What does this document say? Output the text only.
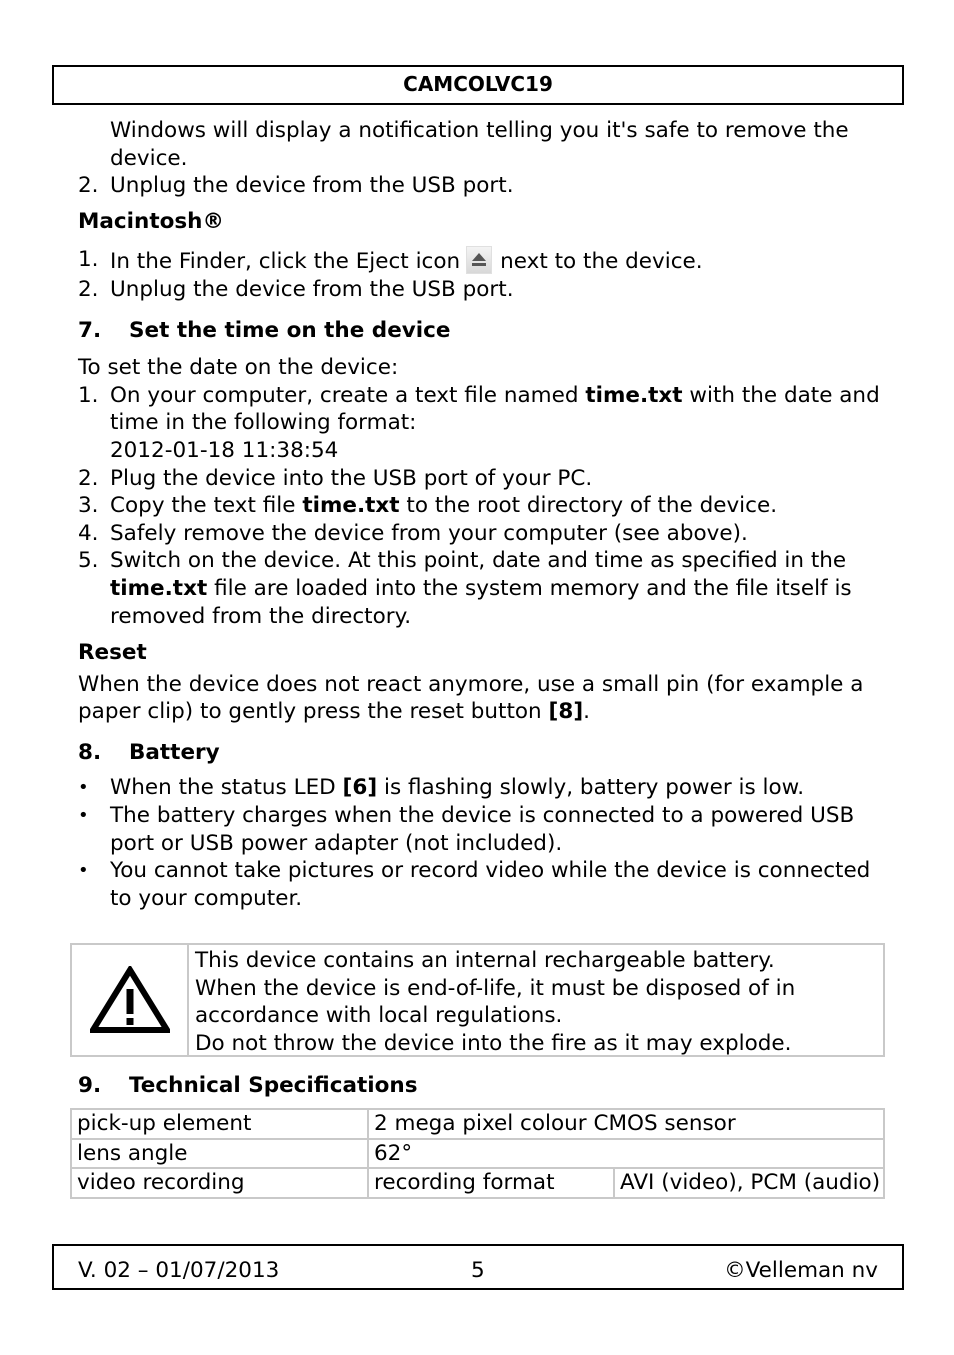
CAMCOLVC19
Windows will display a notification telling you it's safe to remove the device.
2. Unplug the device from the USB port.

Macintosh®

1. In the Finder, click the Eject icon next to the device.
2. Unplug the device from the USB port.
7.	Set the time on the device

To set the date on the device:

1. On your computer, create a text file named time.txt with the date and time in the following format:
2012-01-18 11:38:54
2. Plug the device into the USB port of your PC.
3. Copy the text file time.txt to the root directory of the device.
4. Safely remove the device from your computer (see above).
5. Switch on the device. At this point, date and time as specified in the time.txt file are loaded into the system memory and the file itself is removed from the directory.

Reset

When the device does not react anymore, use a small pin (for example a paper clip) to gently press the reset button [8].

8.	Battery
• When the status LED [6] is flashing slowly, battery power is low.
• The battery charges when the device is connected to a powered USB port or USB power adapter (not included).
• You cannot take pictures or record video while the device is connected to your computer.

This device contains an internal rechargeable battery.

When the device is end-of-life, it must be disposed of in accordance with local regulations.

Do not throw the device into the fire as it may explode.

9.	Technical Specifications
pick-up element	2 mega pixel colour CMOS sensor	
lens angle	62°	
video recording	recording format	AVI (video), PCM (audio)
V. 02 – 01/07/2013	5	©Velleman nv
